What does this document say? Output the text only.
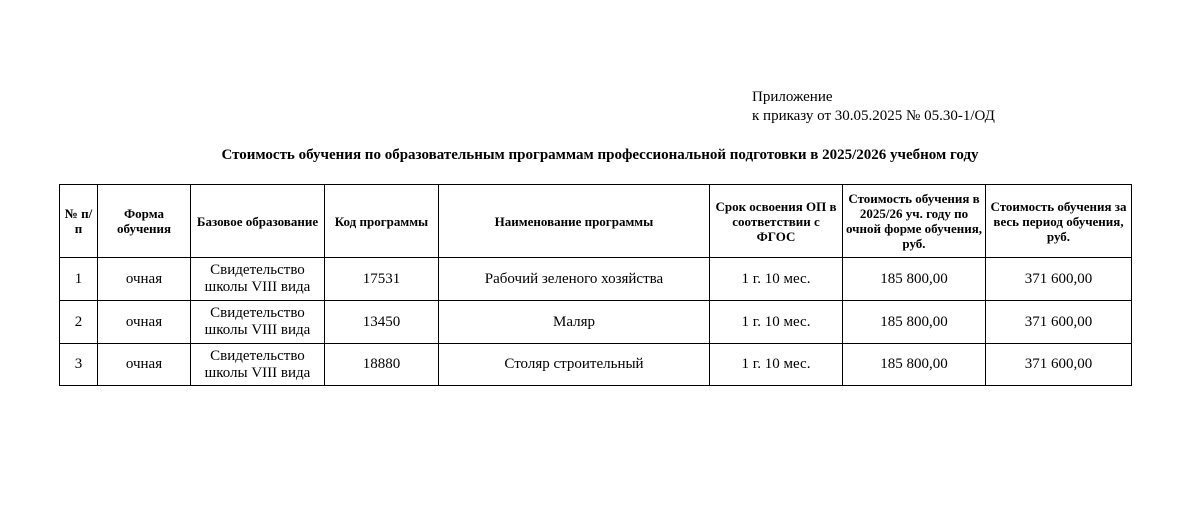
Приложение
к приказу от 30.05.2025 № 05.30-1/ОД
Стоимость обучения по образовательным программам профессиональной подготовки в 2025/2026 учебном году
№ п/п	Форма обучения	Базовое образование	Код программы	Наименование программы	Срок освоения ОП в соответствии с ФГОС	Стоимость обучения в 2025/26 уч. году по очной форме обучения, руб.	Стоимость обучения за весь период обучения, руб.
1	очная	Свидетельство школы VIII вида	17531	Рабочий зеленого хозяйства	1 г. 10 мес.	185 800,00	371 600,00
2	очная	Свидетельство школы VIII вида	13450	Маляр	1 г. 10 мес.	185 800,00	371 600,00
3	очная	Свидетельство школы VIII вида	18880	Столяр строительный	1 г. 10 мес.	185 800,00	371 600,00
